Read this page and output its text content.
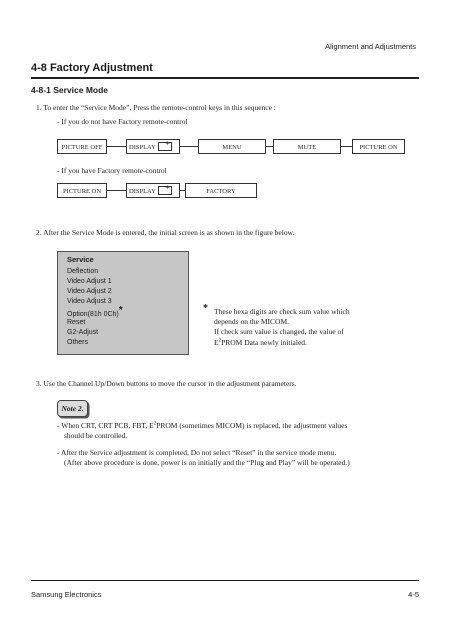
Alignment and Adjustments
4-8 Factory Adjustment
4-8-1 Service Mode
1. To enter the “Service Mode”, Press the remote-control keys in this sequence :
- If you do not have Factory remote-control
PICTURE OFF	DISPLAY +	MENU	MUTE	PICTURE ON
- If you have Factory remote-control
PICTURE ON	DISPLAY +	FACTORY
2. After the Service Mode is entered, the initial screen is as shown in the figure below.
Service
Deflection
Video Adjust 1
Video Adjust 2
Video Adjust 3
Option(81h 0Ch)*
Reset
G2-Adjust
Others
* These hexa digits are check sum value which
depends on the MICOM.
If check sum value is changed, the value of
$E^2PROM$ Data newly initialed.
3. Use the Channel Up/Down buttons to move the cursor in the adjustment parameters.
Note 2.
- When CRT, CRT PCB, FBT, $E^2PROM$ (sometimes MICOM) is replaced, the adjustment values
should be controlled.
- After the Service adjustment is completed, Do not select “Reset” in the service mode menu.
(After above procedure is done, power is on initially and the “Plug and Play” will be operated.)
Samsung Electronics	4-5
